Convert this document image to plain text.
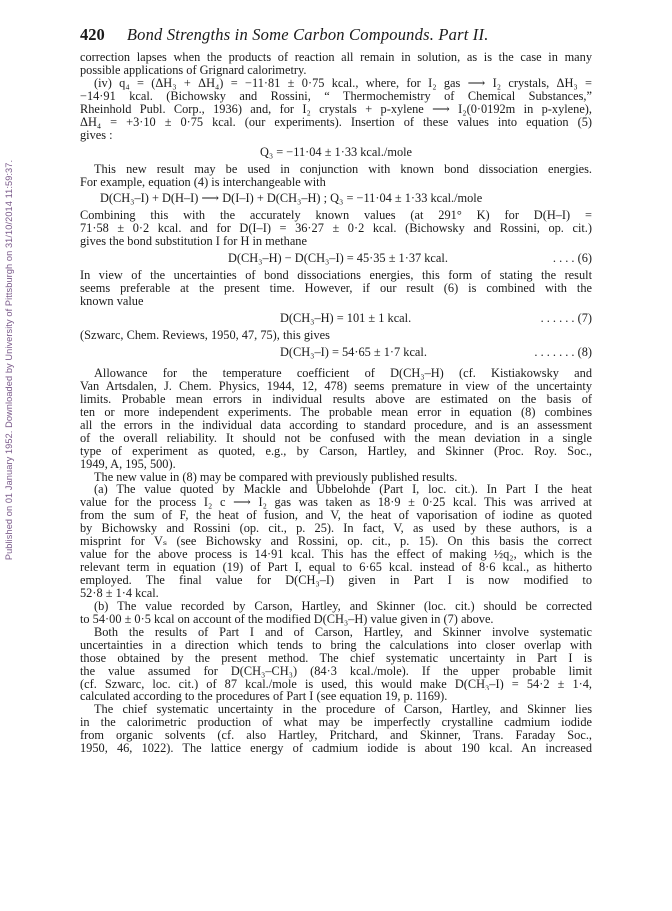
Published on 01 January 1952. Downloaded by University of Pittsburgh on 31/10/2014 11:59:37.
420 Bond Strengths in Some Carbon Compounds. Part II.
correction lapses when the products of reaction all remain in solution, as is the case in many
possible applications of Grignard calorimetry.
(iv) q₄ = (ΔH₃ + ΔH₄) = −11·81 ± 0·75 kcal., where, for I₂ gas ⟶ I₂ crystals, ΔH₃ =
−14·91 kcal. (Bichowsky and Rossini, “ Thermochemistry of Chemical Substances,”
Rheinhold Publ. Corp., 1936) and, for I₂ crystals + p-xylene ⟶ I₂(0·0192m in p-xylene),
ΔH₄ = +3·10 ± 0·75 kcal. (our experiments). Insertion of these values into equation (5)
gives :
Q₃ = −11·04 ± 1·33 kcal./mole
This new result may be used in conjunction with known bond dissociation energies.
For example, equation (4) is interchangeable with
D(CH₃–I) + D(H–I) ⟶ D(I–I) + D(CH₃–H) ; Q₃ = −11·04 ± 1·33 kcal./mole
Combining this with the accurately known values (at 291° K) for D(H–I) =
71·58 ± 0·2 kcal. and for D(I–I) = 36·27 ± 0·2 kcal. (Bichowsky and Rossini, op. cit.)
gives the bond substitution I for H in methane
D(CH₃–H) − D(CH₃–I) = 45·35 ± 1·37 kcal.	. . . . (6)
In view of the uncertainties of bond dissociations energies, this form of stating the result
seems preferable at the present time. However, if our result (6) is combined with the
known value
D(CH₃–H) = 101 ± 1 kcal.	. . . . . . (7)
(Szwarc, Chem. Reviews, 1950, 47, 75), this gives
D(CH₃–I) = 54·65 ± 1·7 kcal.	. . . . . . . (8)
Allowance for the temperature coefficient of D(CH₃–H) (cf. Kistiakowsky and
Van Artsdalen, J. Chem. Physics, 1944, 12, 478) seems premature in view of the uncertainty
limits. Probable mean errors in individual results above are estimated on the basis of
ten or more independent experiments. The probable mean error in equation (8) combines
all the errors in the individual data according to standard procedure, and is an assessment
of the overall reliability. It should not be confused with the mean deviation in a single
type of experiment as quoted, e.g., by Carson, Hartley, and Skinner (Proc. Roy. Soc.,
1949, A, 195, 500).
The new value in (8) may be compared with previously published results.
(a) The value quoted by Mackle and Ubbelohde (Part I, loc. cit.). In Part I the heat
value for the process I₂ c ⟶ I₂ gas was taken as 18·9 ± 0·25 kcal. This was arrived at
from the sum of F, the heat of fusion, and V, the heat of vaporisation of iodine as quoted
by Bichowsky and Rossini (op. cit., p. 25). In fact, V, as used by these authors, is a
misprint for Vₛ (see Bichowsky and Rossini, op. cit., p. 15). On this basis the correct
value for the above process is 14·91 kcal. This has the effect of making ½q₂, which is the
relevant term in equation (19) of Part I, equal to 6·65 kcal. instead of 8·6 kcal., as hitherto
employed. The final value for D(CH₃–I) given in Part I is now modified to
52·8 ± 1·4 kcal.
(b) The value recorded by Carson, Hartley, and Skinner (loc. cit.) should be corrected
to 54·00 ± 0·5 kcal on account of the modified D(CH₃–H) value given in (7) above.
Both the results of Part I and of Carson, Hartley, and Skinner involve systematic
uncertainties in a direction which tends to bring the calculations into closer overlap with
those obtained by the present method. The chief systematic uncertainty in Part I is
the value assumed for D(CH₃–CH₃) (84·3 kcal./mole). If the upper probable limit
(cf. Szwarc, loc. cit.) of 87 kcal./mole is used, this would make D(CH₃–I) = 54·2 ± 1·4,
calculated according to the procedures of Part I (see equation 19, p. 1169).
The chief systematic uncertainty in the procedure of Carson, Hartley, and Skinner lies
in the calorimetric production of what may be imperfectly crystalline cadmium iodide
from organic solvents (cf. also Hartley, Pritchard, and Skinner, Trans. Faraday Soc.,
1950, 46, 1022). The lattice energy of cadmium iodide is about 190 kcal. An increased
